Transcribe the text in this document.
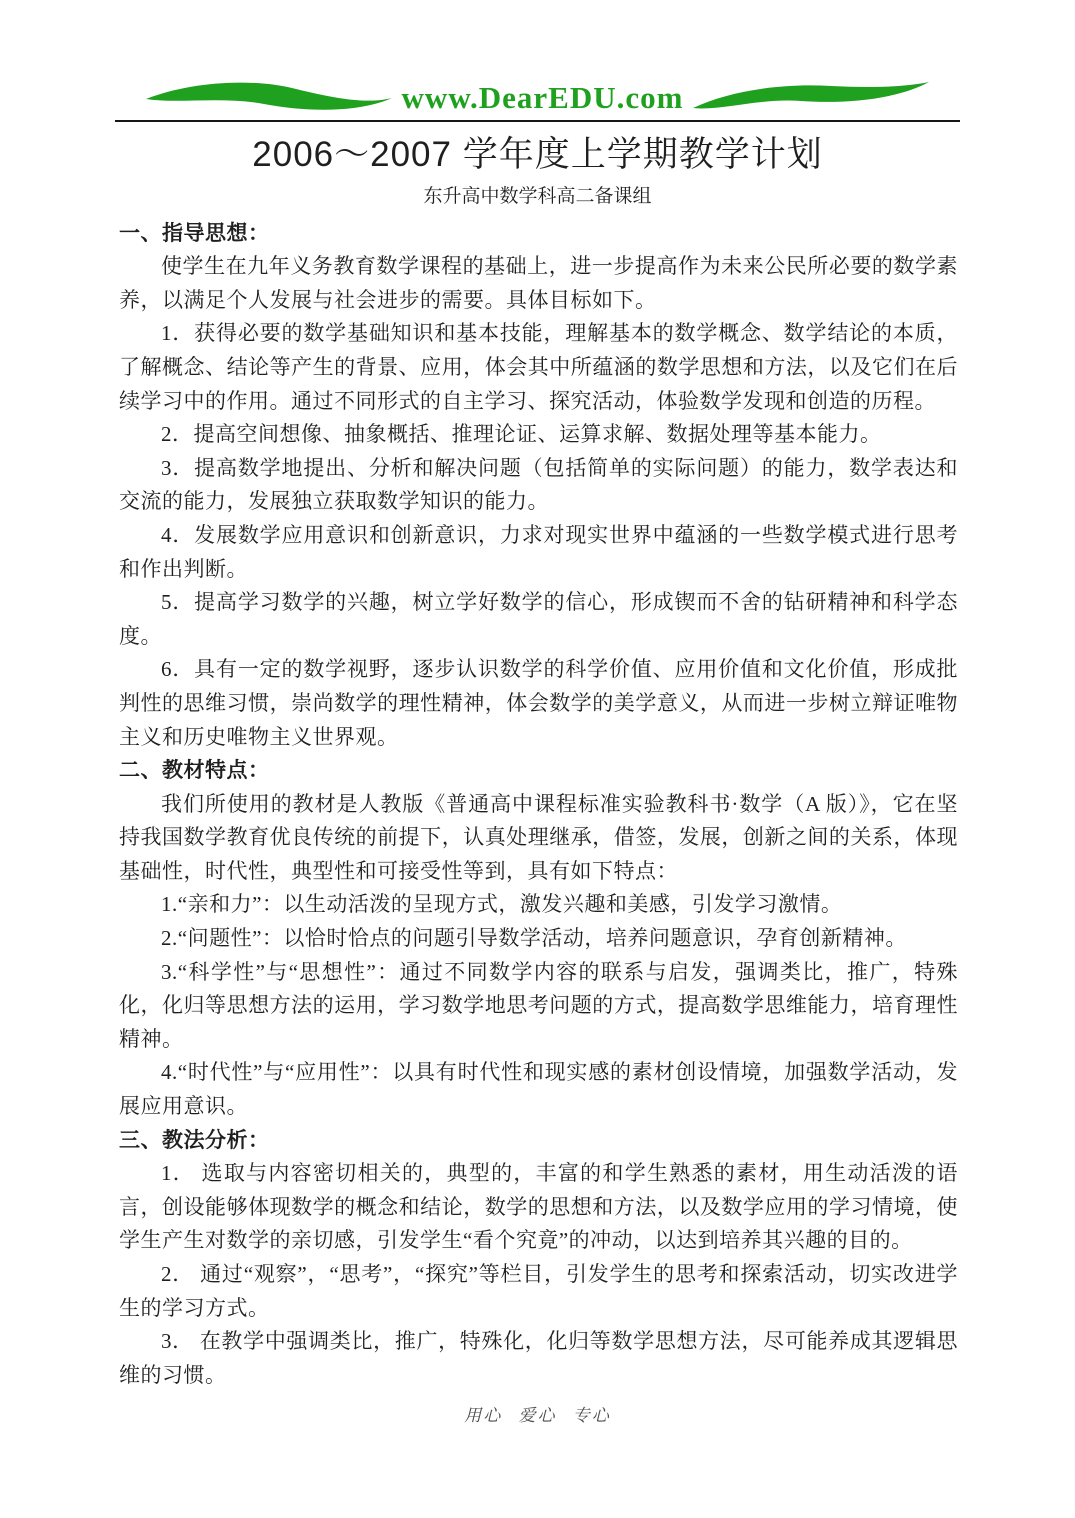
www.DearEDU.com
2006～2007 学年度上学期教学计划
东升高中数学科高二备课组
一、指导思想：

使学生在九年义务教育数学课程的基础上，进一步提高作为未来公民所必要的数学素养，以满足个人发展与社会进步的需要。具体目标如下。

1．获得必要的数学基础知识和基本技能，理解基本的数学概念、数学结论的本质，了解概念、结论等产生的背景、应用，体会其中所蕴涵的数学思想和方法，以及它们在后续学习中的作用。通过不同形式的自主学习、探究活动，体验数学发现和创造的历程。

2．提高空间想像、抽象概括、推理论证、运算求解、数据处理等基本能力。

3．提高数学地提出、分析和解决问题（包括简单的实际问题）的能力，数学表达和交流的能力，发展独立获取数学知识的能力。

4．发展数学应用意识和创新意识，力求对现实世界中蕴涵的一些数学模式进行思考和作出判断。

5．提高学习数学的兴趣，树立学好数学的信心，形成锲而不舍的钻研精神和科学态度。

6．具有一定的数学视野，逐步认识数学的科学价值、应用价值和文化价值，形成批判性的思维习惯，崇尚数学的理性精神，体会数学的美学意义，从而进一步树立辩证唯物主义和历史唯物主义世界观。

二、教材特点：

我们所使用的教材是人教版《普通高中课程标准实验教科书·数学（A 版）》，它在坚持我国数学教育优良传统的前提下，认真处理继承，借签，发展，创新之间的关系，体现基础性，时代性，典型性和可接受性等到，具有如下特点：

1.“亲和力”：以生动活泼的呈现方式，激发兴趣和美感，引发学习激情。

2.“问题性”：以恰时恰点的问题引导数学活动，培养问题意识，孕育创新精神。

3.“科学性”与“思想性”：通过不同数学内容的联系与启发，强调类比，推广，特殊化，化归等思想方法的运用，学习数学地思考问题的方式，提高数学思维能力，培育理性精神。

4.“时代性”与“应用性”：以具有时代性和现实感的素材创设情境，加强数学活动，发展应用意识。

三、教法分析：

1． 选取与内容密切相关的，典型的，丰富的和学生熟悉的素材，用生动活泼的语言，创设能够体现数学的概念和结论，数学的思想和方法，以及数学应用的学习情境，使学生产生对数学的亲切感，引发学生“看个究竟”的冲动，以达到培养其兴趣的目的。

2． 通过“观察”，“思考”，“探究”等栏目，引发学生的思考和探索活动，切实改进学生的学习方式。

3． 在教学中强调类比，推广，特殊化，化归等数学思想方法，尽可能养成其逻辑思维的习惯。

用心 爱心 专心
